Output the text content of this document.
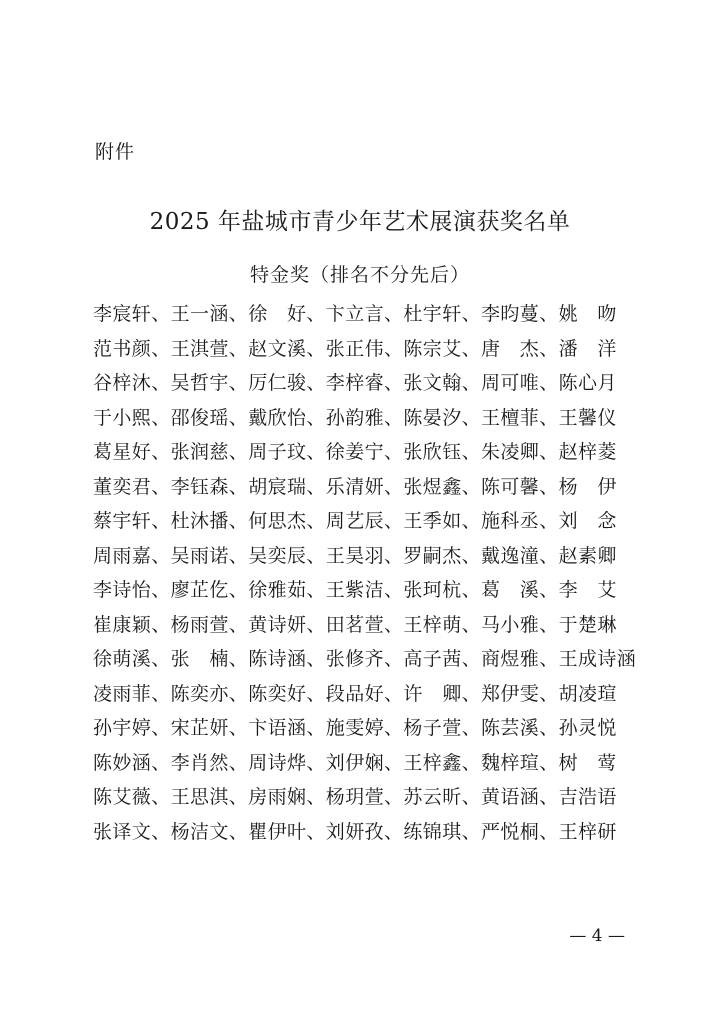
附件
2025 年盐城市青少年艺术展演获奖名单
特金奖（排名不分先后）
李宸轩、王一涵、徐　好、卞立言、杜宇轩、李昀蔓、姚　吻
范书颜、王淇萱、赵文溪、张正伟、陈宗艾、唐　杰、潘　洋
谷梓沐、吴哲宇、厉仁骏、李梓睿、张文翰、周可唯、陈心月
于小熙、邵俊瑶、戴欣怡、孙韵雅、陈晏汐、王檀菲、王馨仪
葛星好、张润慈、周子玟、徐姜宁、张欣钰、朱凌卿、赵梓菱
董奕君、李钰森、胡宸瑞、乐清妍、张煜鑫、陈可馨、杨　伊
蔡宇轩、杜沐播、何思杰、周艺辰、王季如、施科丞、刘　念
周雨嘉、吴雨诺、吴奕辰、王昊羽、罗嗣杰、戴逸潼、赵素卿
李诗怡、廖芷仡、徐雅茹、王紫洁、张珂杭、葛　溪、李　艾
崔康颖、杨雨萱、黄诗妍、田茗萱、王梓萌、马小雅、于楚琳
徐萌溪、张　楠、陈诗涵、张修齐、高子茜、商煜雅、王成诗涵
凌雨菲、陈奕亦、陈奕好、段品好、许　卿、郑伊雯、胡凌瑄
孙宇婷、宋芷妍、卞语涵、施雯婷、杨子萱、陈芸溪、孙灵悦
陈妙涵、李肖然、周诗烨、刘伊娴、王梓鑫、魏梓瑄、树　莺
陈艾薇、王思淇、房雨娴、杨玥萱、苏云昕、黄语涵、吉浩语
张译文、杨洁文、瞿伊叶、刘妍孜、练锦琪、严悦桐、王梓研
— 4 —
